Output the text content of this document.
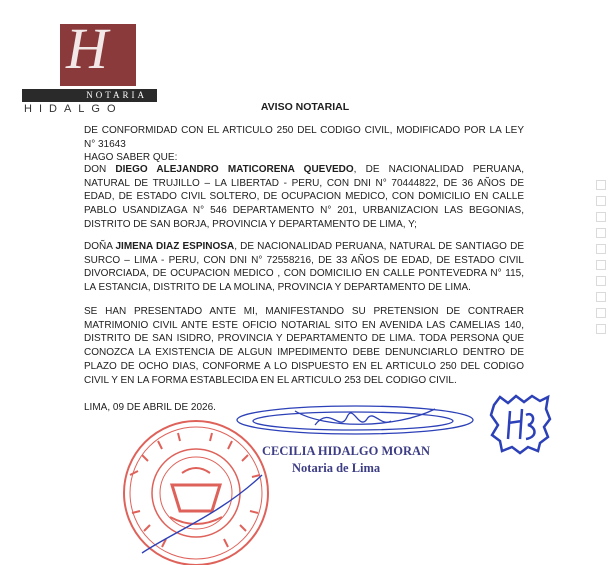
H
NOTARIA
HIDALGO	AVISO NOTARIAL

DE CONFORMIDAD CON EL ARTICULO 250 DEL CODIGO CIVIL, MODIFICADO POR LA LEY N° 31643
HAGO SABER QUE:

DON DIEGO ALEJANDRO MATICORENA QUEVEDO, DE NACIONALIDAD PERUANA, NATURAL DE TRUJILLO – LA LIBERTAD - PERU, CON DNI N° 70444822, DE 36 AÑOS DE EDAD, DE ESTADO CIVIL SOLTERO, DE OCUPACION MEDICO, CON DOMICILIO EN CALLE PABLO USANDIZAGA N° 546 DEPARTAMENTO N° 201, URBANIZACION LAS BEGONIAS, DISTRITO DE SAN BORJA, PROVINCIA Y DEPARTAMENTO DE LIMA, Y;

DOÑA JIMENA DIAZ ESPINOSA, DE NACIONALIDAD PERUANA, NATURAL DE SANTIAGO DE SURCO – LIMA - PERU, CON DNI N° 72558216, DE 33 AÑOS DE EDAD, DE ESTADO CIVIL DIVORCIADA, DE OCUPACION MEDICO , CON DOMICILIO EN CALLE PONTEVEDRA N° 115, LA ESTANCIA, DISTRITO DE LA MOLINA, PROVINCIA Y DEPARTAMENTO DE LIMA.

SE HAN PRESENTADO ANTE MI, MANIFESTANDO SU PRETENSION DE CONTRAER MATRIMONIO CIVIL ANTE ESTE OFICIO NOTARIAL SITO EN AVENIDA LAS CAMELIAS 140, DISTRITO DE SAN ISIDRO, PROVINCIA Y DEPARTAMENTO DE LIMA. TODA PERSONA QUE CONOZCA LA EXISTENCIA DE ALGUN IMPEDIMENTO DEBE DENUNCIARLO DENTRO DE PLAZO DE OCHO DIAS, CONFORME A LO DISPUESTO EN EL ARTICULO 250 DEL CODIGO CIVIL Y EN LA FORMA ESTABLECIDA EN EL ARTICULO 253 DEL CODIGO CIVIL.

LIMA, 09 DE ABRIL DE 2026.
CECILIA HIDALGO MORAN
Notaria de Lima
